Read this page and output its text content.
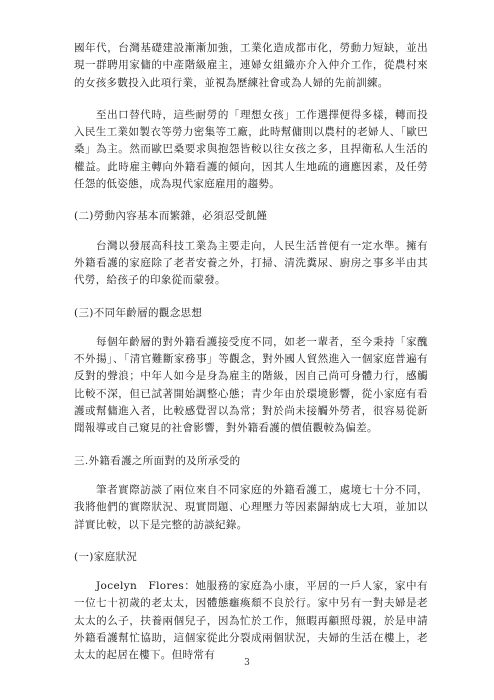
國年代，台灣基礎建設漸漸加強，工業化造成都市化，勞動力短缺，並出現一群聘用家傭的中產階級雇主，連婦女組織亦介入仲介工作，從農村來的女孩多數投入此項行業，並視為歷練社會或為人婦的先前訓練。

至出口替代時，這些耐勞的「理想女孩」工作選擇便得多樣，轉而投入民生工業如製衣等勞力密集等工廠，此時幫傭則以農村的老婦人、「歐巴桑」為主。然而歐巴桑要求與抱怨皆較以往女孩之多，且捍衛私人生活的權益。此時雇主轉向外籍看護的傾向，因其人生地疏的適應因素，及任勞任怨的低姿態，成為現代家庭雇用的趨勢。

(二)勞動內容基本而繁雜，必須忍受飢饉

台灣以發展高科技工業為主要走向，人民生活普便有一定水準。擁有外籍看護的家庭除了老者安養之外，打掃、清洗糞尿、廚房之事多半由其代勞，給孩子的印象從而蒙發。

(三)不同年齡層的觀念思想

每個年齡層的對外籍看護接受度不同，如老一輩者，至今秉持「家醜不外揚」、「清官難斷家務事」等觀念，對外國人貿然進入一個家庭普遍有反對的聲浪；中年人如今是身為雇主的階級，因自己尚可身體力行，感觸比較不深，但已試著開始調整心態；青少年由於環境影響，從小家庭有看護或幫傭進入者，比較感覺習以為常；對於尚未接觸外勞者，很容易從新聞報導或自己窺見的社會影響，對外籍看護的價值觀較為偏差。

三.外籍看護之所面對的及所承受的

筆者實際訪談了兩位來自不同家庭的外籍看護工，處境七十分不同，我將他們的實際狀況、現實問題、心理壓力等因素歸納成七大項，並加以詳實比較，以下是完整的訪談紀錄。

(一)家庭狀況

Jocelyn　Flores：她服務的家庭為小康，平居的一戶人家，家中有一位七十初歲的老太太，因體態癰瘓頹不良於行。家中另有一對夫婦是老太太的么子，扶養兩個兒子，因為忙於工作，無暇再顧照母親，於是申請外籍看護幫忙協助，這個家從此分裂成兩個狀況，夫婦的生活在樓上，老太太的起居在樓下。但時常有

3
